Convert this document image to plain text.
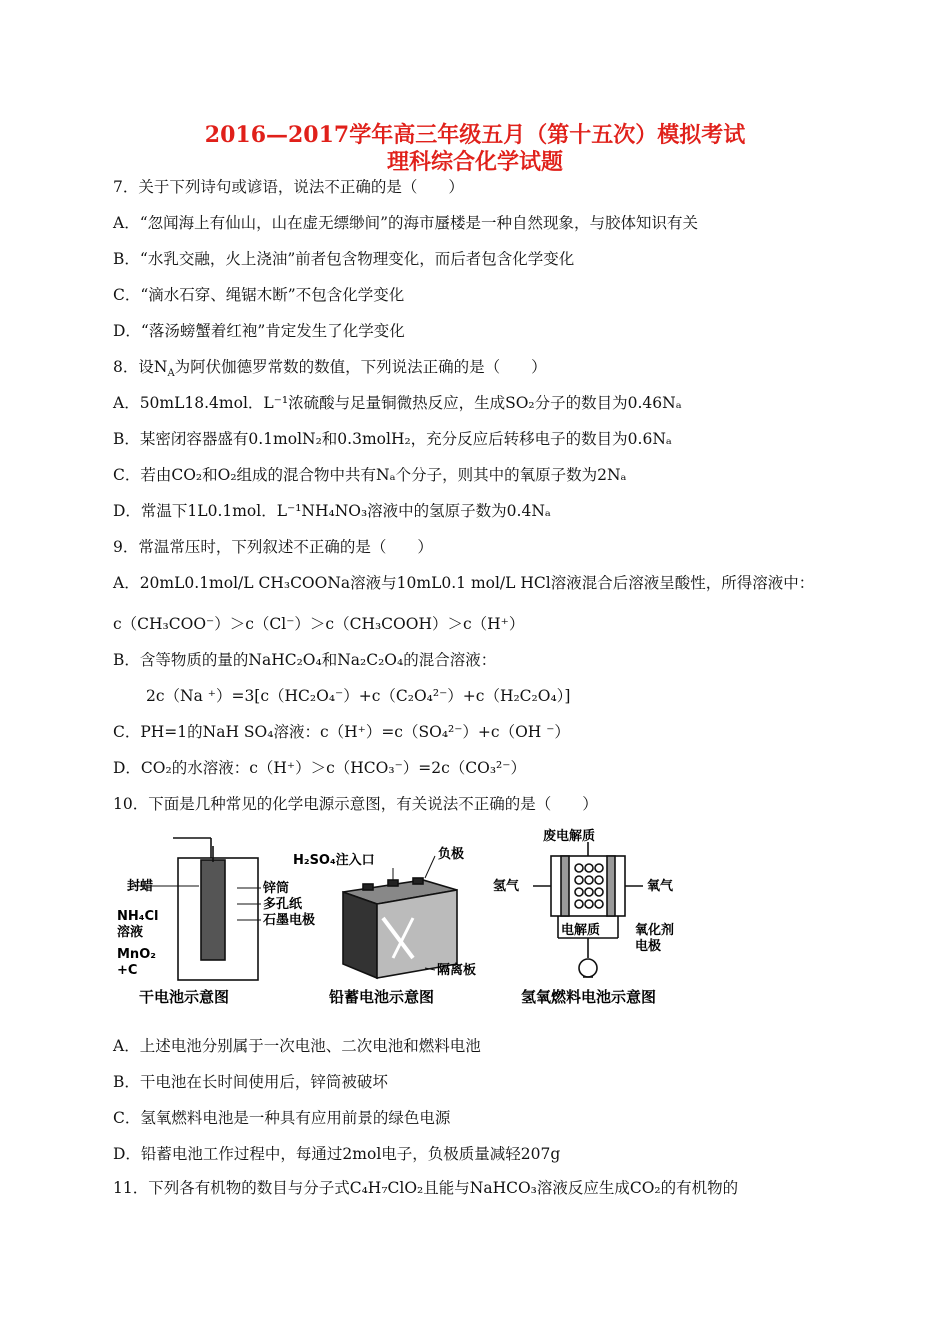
2016—2017学年高三年级五月（第十五次）模拟考试
理科综合化学试题
7．关于下列诗句或谚语，说法不正确的是（　　）
A．“忽闻海上有仙山，山在虚无缥缈间”的海市蜃楼是一种自然现象，与胶体知识有关
B．“水乳交融，火上浇油”前者包含物理变化，而后者包含化学变化
C．“滴水石穿、绳锯木断”不包含化学变化
D．“落汤螃蟹着红袍”肯定发生了化学变化
8．设$N_A$为阿伏伽德罗常数的数值，下列说法正确的是（　　）
A．50mL18.4mol．L⁻¹浓硫酸与足量铜微热反应，生成SO₂分子的数目为0.46Nₐ
B．某密闭容器盛有0.1molN₂和0.3molH₂，充分反应后转移电子的数目为0.6Nₐ
C．若由CO₂和O₂组成的混合物中共有Nₐ个分子，则其中的氧原子数为2Nₐ
D．常温下1L0.1mol．L⁻¹NH₄NO₃溶液中的氢原子数为0.4Nₐ
9．常温常压时，下列叙述不正确的是（　　）
A．20mL0.1mol/L CH₃COONa溶液与10mL0.1 mol/L HCl溶液混合后溶液呈酸性，所得溶液中：
c（CH₃COO⁻）＞c（Cl⁻）＞c（CH₃COOH）＞c（H⁺）
B．含等物质的量的NaHC₂O₄和Na₂C₂O₄的混合溶液：
2c（Na ⁺）=3[c（HC₂O₄⁻）+c（C₂O₄²⁻）+c（H₂C₂O₄）]
C．PH=1的NaH SO₄溶液：c（H⁺）=c（SO₄²⁻）+c（OH ⁻）
D．CO₂的水溶液：c（H⁺）＞c（HCO₃⁻）=2c（CO₃²⁻）
10．下面是几种常见的化学电源示意图，有关说法不正确的是（　　）
封蜡	锌筒
多孔纸
石墨电极
NH₄Cl
溶液
MnO₂
+C
干电池示意图
H₂SO₄注入口	负极
隔离板
铅蓄电池示意图
废电解质
氢气	氧气
电解质	氧化剂
电极
氢氧燃料电池示意图
A．上述电池分别属于一次电池、二次电池和燃料电池
B．干电池在长时间使用后，锌筒被破坏
C．氢氧燃料电池是一种具有应用前景的绿色电源
D．铅蓄电池工作过程中，每通过2mol电子，负极质量减轻207g
11．下列各有机物的数目与分子式C₄H₇ClO₂且能与NaHCO₃溶液反应生成CO₂的有机物的
